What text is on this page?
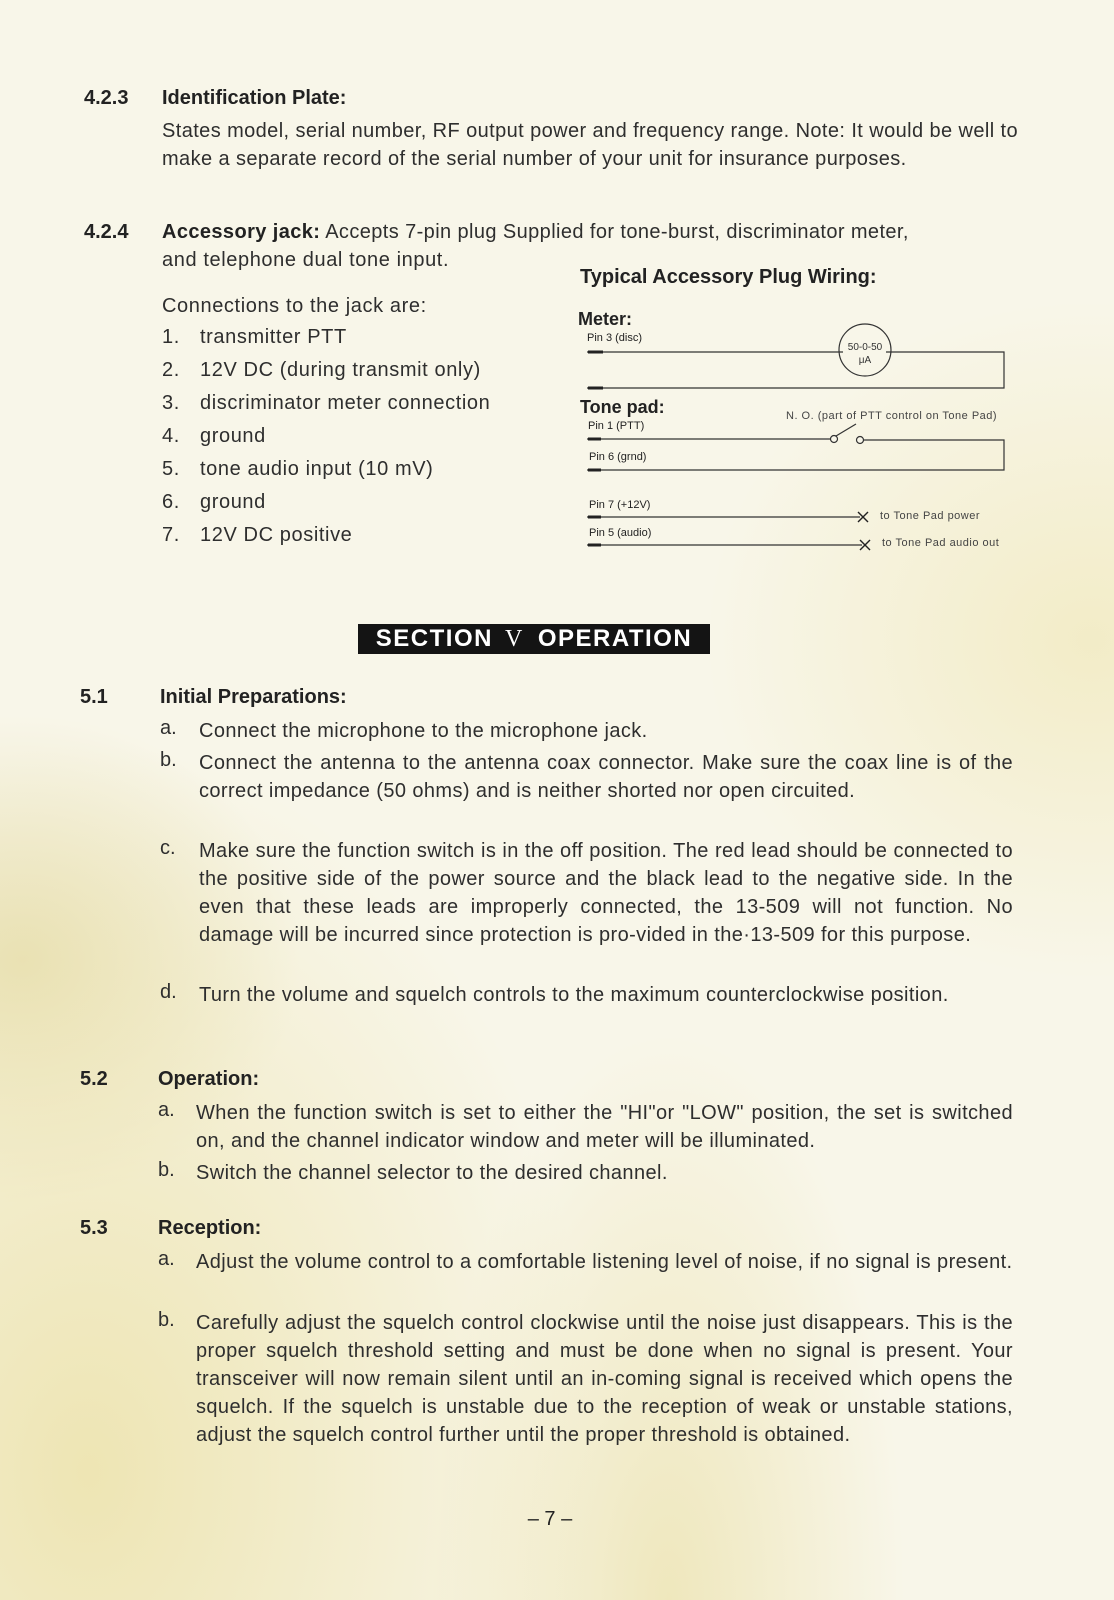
4.2.3 Identification Plate:
States model, serial number, RF output power and frequency range. Note: It would be well to make a separate record of the serial number of your unit for insurance purposes.
4.2.4 Accessory jack: Accepts 7-pin plug Supplied for tone-burst, discriminator meter,
and telephone dual tone input.
Connections to the jack are:
1. transmitter PTT
2. 12V DC (during transmit only)
3. discriminator meter connection
4. ground
5. tone audio input (10 mV)
6. ground
7. 12V DC positive
Typical Accessory Plug Wiring:
Meter:
Pin 3 (disc)
50-0-50
μA
Tone pad:
Pin 1 (PTT)
N. O. (part of PTT control on Tone Pad)
Pin 6 (grnd)
Pin 7 (+12V)
to Tone Pad power
Pin 5 (audio)
to Tone Pad audio out
SECTION V OPERATION
5.1	Initial Preparations:
a. Connect the microphone to the microphone jack.
b. Connect the antenna to the antenna coax connector. Make sure the coax line is of the correct impedance (50 ohms) and is neither shorted nor open circuited.
c. Make sure the function switch is in the off position. The red lead should be connected to the positive side of the power source and the black lead to the negative side. In the even that these leads are improperly connected, the 13-509 will not function. No damage will be incurred since protection is pro-vided in the·13-509 for this purpose.
d. Turn the volume and squelch controls to the maximum counterclockwise position.
5.2	Operation:
a. When the function switch is set to either the "HI"or "LOW" position, the set is switched on, and the channel indicator window and meter will be illuminated.
b. Switch the channel selector to the desired channel.
5.3	Reception:
a. Adjust the volume control to a comfortable listening level of noise, if no signal is present.
b. Carefully adjust the squelch control clockwise until the noise just disappears. This is the proper squelch threshold setting and must be done when no signal is present. Your transceiver will now remain silent until an in-coming signal is received which opens the squelch. If the squelch is unstable due to the reception of weak or unstable stations, adjust the squelch control further until the proper threshold is obtained.
– 7 –
